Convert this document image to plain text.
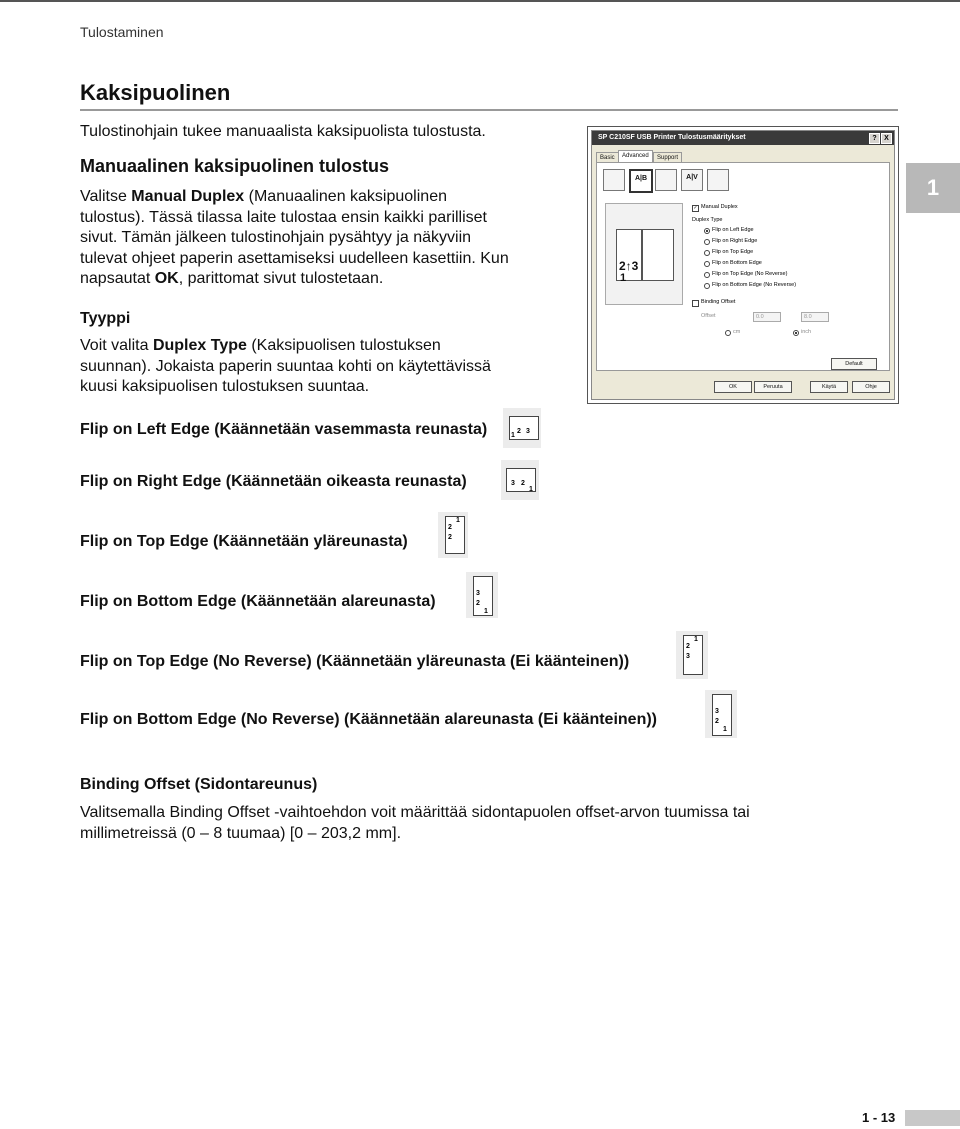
Tulostaminen
Kaksipuolinen
Tulostinohjain tukee manuaalista kaksipuolista tulostusta.
Manuaalinen kaksipuolinen tulostus
Valitse Manual Duplex (Manuaalinen kaksipuolinen
tulostus). Tässä tilassa laite tulostaa ensin kaikki parilliset
sivut. Tämän jälkeen tulostinohjain pysähtyy ja näkyviin
tulevat ohjeet paperin asettamiseksi uudelleen kasettiin. Kun
napsautat OK, parittomat sivut tulostetaan.
Tyyppi
Voit valita Duplex Type (Kaksipuolisen tulostuksen
suunnan). Jokaista paperin suuntaa kohti on käytettävissä
kuusi kaksipuolisen tulostuksen suuntaa.
Flip on Left Edge (Käännetään vasemmasta reunasta)	1
2 3
Flip on Right Edge (Käännetään oikeasta reunasta)	3 2
1
Flip on Top Edge (Käännetään yläreunasta)
1
2
2
Flip on Bottom Edge (Käännetään alareunasta)	3
2
1
Flip on Top Edge (No Reverse) (Käännetään yläreunasta (Ei käänteinen))
1
2
3
Flip on Bottom Edge (No Reverse) (Käännetään alareunasta (Ei käänteinen))	3
2
1
Binding Offset (Sidontareunus)
Valitsemalla Binding Offset -vaihtoehdon voit määrittää sidontapuolen offset-arvon tuumissa tai
millimetreissä (0 – 8 tuumaa) [0 – 203,2 mm].
1
SP C210SF USB Printer Tulostusmääritykset	?	X
Basic	Advanced	Support
A|B	A|V
2↑3
1
✓ Manual Duplex
Duplex Type
Flip on Left Edge
Flip on Right Edge
Flip on Top Edge
Flip on Bottom Edge
Flip on Top Edge (No Reverse)
Flip on Bottom Edge (No Reverse)
Binding Offset
Offset	0.0	8.0
cm	inch
Default
OK	Peruuta	Käytä	Ohje
1 - 13
